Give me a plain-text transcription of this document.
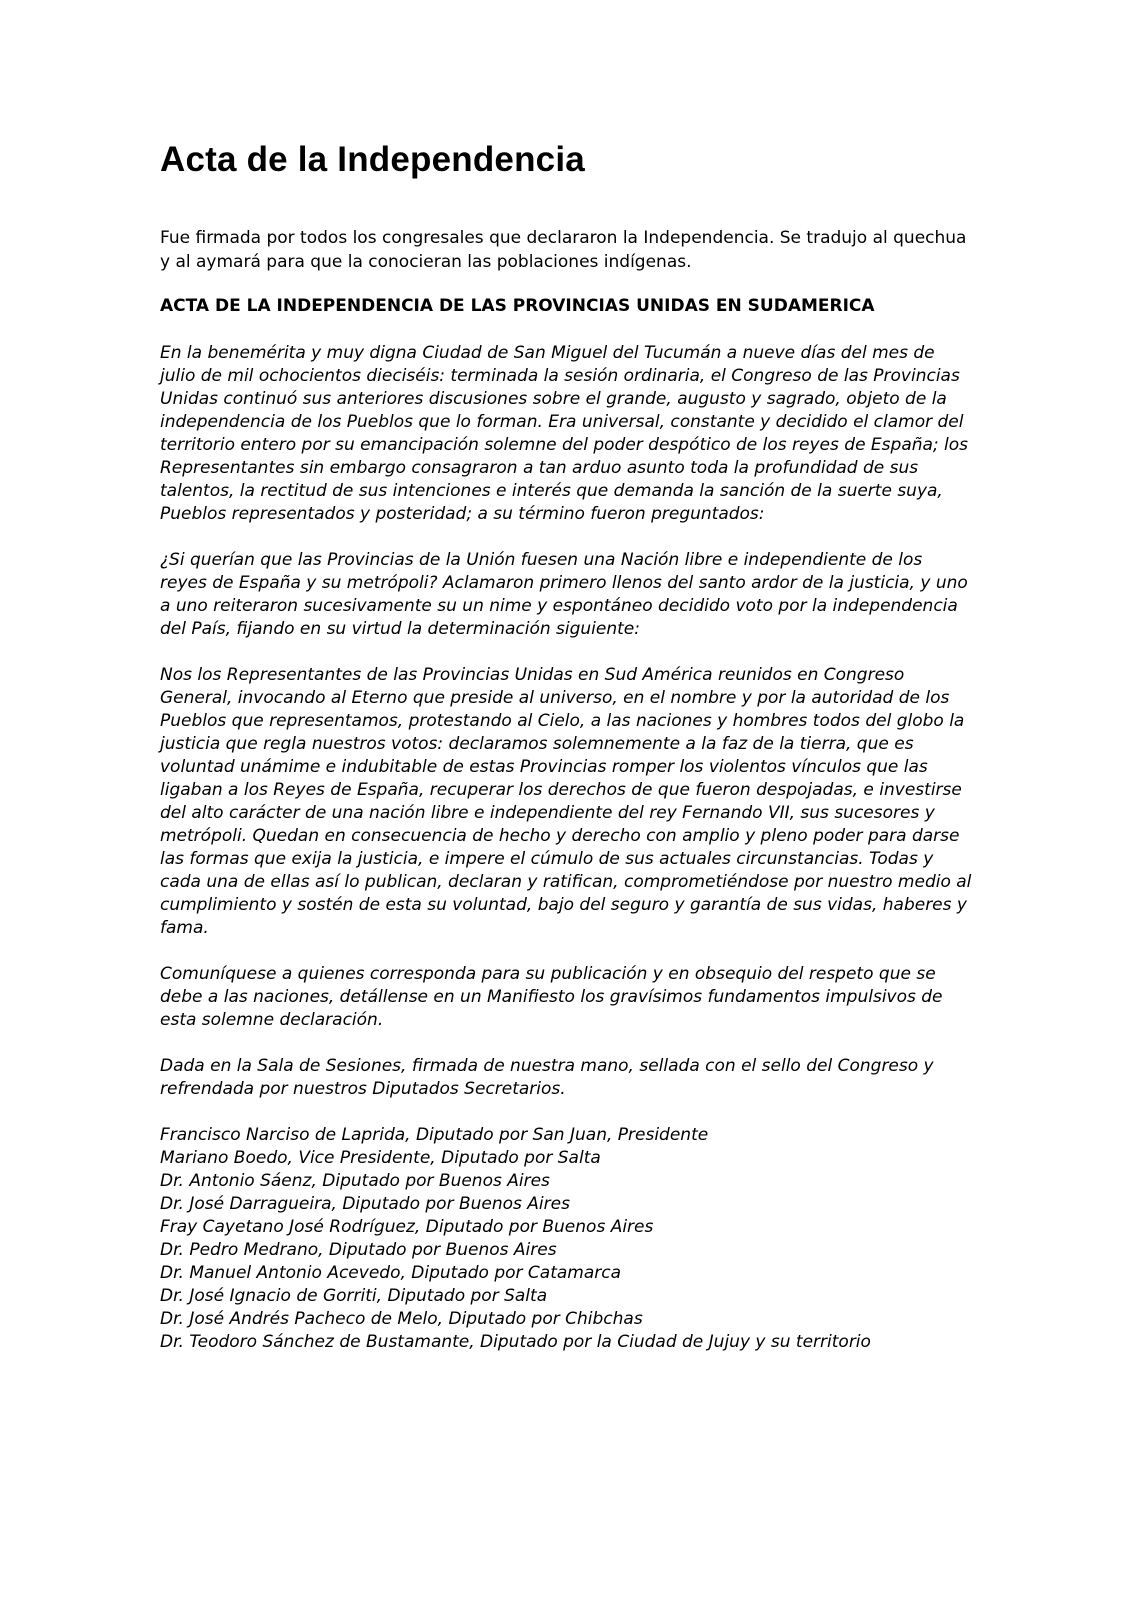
Acta de la Independencia

Fue firmada por todos los congresales que declararon la Independencia. Se tradujo al quechua y al aymará para que la conocieran las poblaciones indígenas.

ACTA DE LA INDEPENDENCIA DE LAS PROVINCIAS UNIDAS EN SUDAMERICA

En la benemérita y muy digna Ciudad de San Miguel del Tucumán a nueve días del mes de julio de mil ochocientos dieciséis: terminada la sesión ordinaria, el Congreso de las Provincias Unidas continuó sus anteriores discusiones sobre el grande, augusto y sagrado, objeto de la independencia de los Pueblos que lo forman. Era universal, constante y decidido el clamor del territorio entero por su emancipación solemne del poder despótico de los reyes de España; los Representantes sin embargo consagraron a tan arduo asunto toda la profundidad de sus talentos, la rectitud de sus intenciones e interés que demanda la sanción de la suerte suya, Pueblos representados y posteridad; a su término fueron preguntados:

¿Si querían que las Provincias de la Unión fuesen una Nación libre e independiente de los reyes de España y su metrópoli? Aclamaron primero llenos del santo ardor de la justicia, y uno a uno reiteraron sucesivamente su un nime y espontáneo decidido voto por la independencia del País, fijando en su virtud la determinación siguiente:

Nos los Representantes de las Provincias Unidas en Sud América reunidos en Congreso General, invocando al Eterno que preside al universo, en el nombre y por la autoridad de los Pueblos que representamos, protestando al Cielo, a las naciones y hombres todos del globo la justicia que regla nuestros votos: declaramos solemnemente a la faz de la tierra, que es voluntad unámime e indubitable de estas Provincias romper los violentos vínculos que las ligaban a los Reyes de España, recuperar los derechos de que fueron despojadas, e investirse del alto carácter de una nación libre e independiente del rey Fernando VII, sus sucesores y metrópoli. Quedan en consecuencia de hecho y derecho con amplio y pleno poder para darse las formas que exija la justicia, e impere el cúmulo de sus actuales circunstancias. Todas y cada una de ellas así lo publican, declaran y ratifican, comprometiéndose por nuestro medio al cumplimiento y sostén de esta su voluntad, bajo del seguro y garantía de sus vidas, haberes y fama.

Comuníquese a quienes corresponda para su publicación y en obsequio del respeto que se debe a las naciones, detállense en un Manifiesto los gravísimos fundamentos impulsivos de esta solemne declaración.

Dada en la Sala de Sesiones, firmada de nuestra mano, sellada con el sello del Congreso y refrendada por nuestros Diputados Secretarios.

Francisco Narciso de Laprida, Diputado por San Juan, Presidente

Mariano Boedo, Vice Presidente, Diputado por Salta

Dr. Antonio Sáenz, Diputado por Buenos Aires

Dr. José Darragueira, Diputado por Buenos Aires

Fray Cayetano José Rodríguez, Diputado por Buenos Aires

Dr. Pedro Medrano, Diputado por Buenos Aires

Dr. Manuel Antonio Acevedo, Diputado por Catamarca

Dr. José Ignacio de Gorriti, Diputado por Salta

Dr. José Andrés Pacheco de Melo, Diputado por Chibchas

Dr. Teodoro Sánchez de Bustamante, Diputado por la Ciudad de Jujuy y su territorio
